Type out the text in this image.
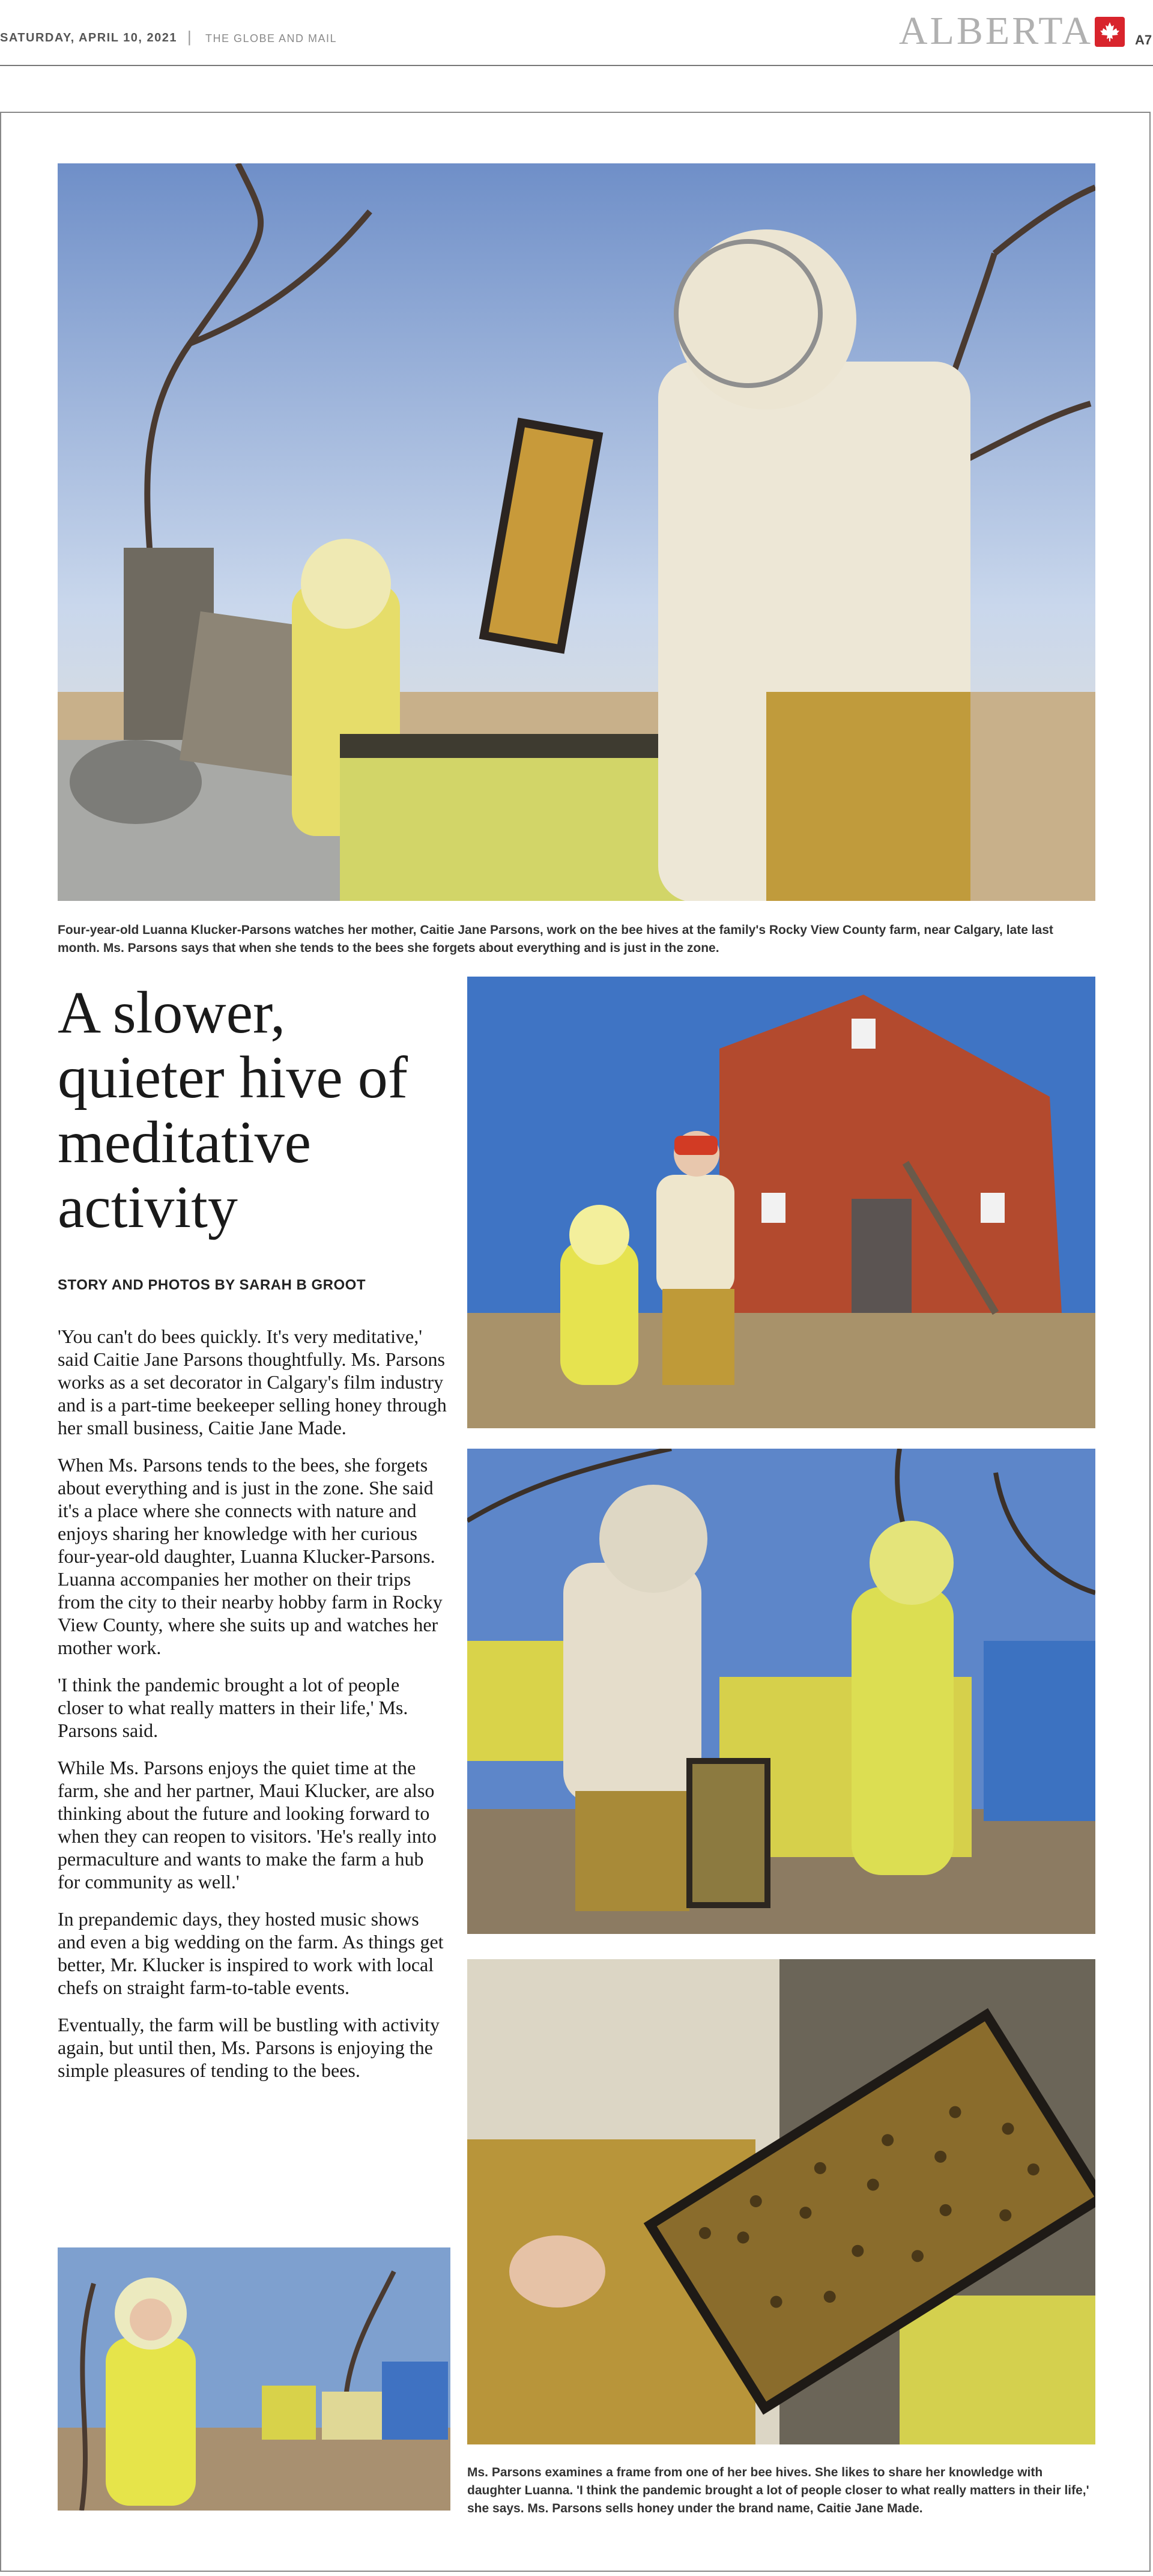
SATURDAY, APRIL 10, 2021 | THE GLOBE AND MAIL	ALBERTA	A7
Four-year-old Luanna Klucker-Parsons watches her mother, Caitie Jane Parsons, work on the bee hives at the family's Rocky View County farm, near Calgary, late last month. Ms. Parsons says that when she tends to the bees she forgets about everything and is just in the zone.
A slower, quieter hive of meditative activity
STORY AND PHOTOS BY SARAH B GROOT

'You can't do bees quickly. It's very meditative,' said Caitie Jane Parsons thoughtfully. Ms. Parsons works as a set decorator in Calgary's film industry and is a part-time beekeeper selling honey through her small business, Caitie Jane Made.

When Ms. Parsons tends to the bees, she forgets about everything and is just in the zone. She said it's a place where she connects with nature and enjoys sharing her knowledge with her curious four-year-old daughter, Luanna Klucker-Parsons. Luanna accompanies her mother on their trips from the city to their nearby hobby farm in Rocky View County, where she suits up and watches her mother work.

'I think the pandemic brought a lot of people closer to what really matters in their life,' Ms. Parsons said.

While Ms. Parsons enjoys the quiet time at the farm, she and her partner, Maui Klucker, are also thinking about the future and looking forward to when they can reopen to visitors. 'He's really into permaculture and wants to make the farm a hub for community as well.'

In prepandemic days, they hosted music shows and even a big wedding on the farm. As things get better, Mr. Klucker is inspired to work with local chefs on straight farm-to-table events.

Eventually, the farm will be bustling with activity again, but until then, Ms. Parsons is enjoying the simple pleasures of tending to the bees.

Ms. Parsons examines a frame from one of her bee hives. She likes to share her knowledge with daughter Luanna. 'I think the pandemic brought a lot of people closer to what really matters in their life,' she says. Ms. Parsons sells honey under the brand name, Caitie Jane Made.
